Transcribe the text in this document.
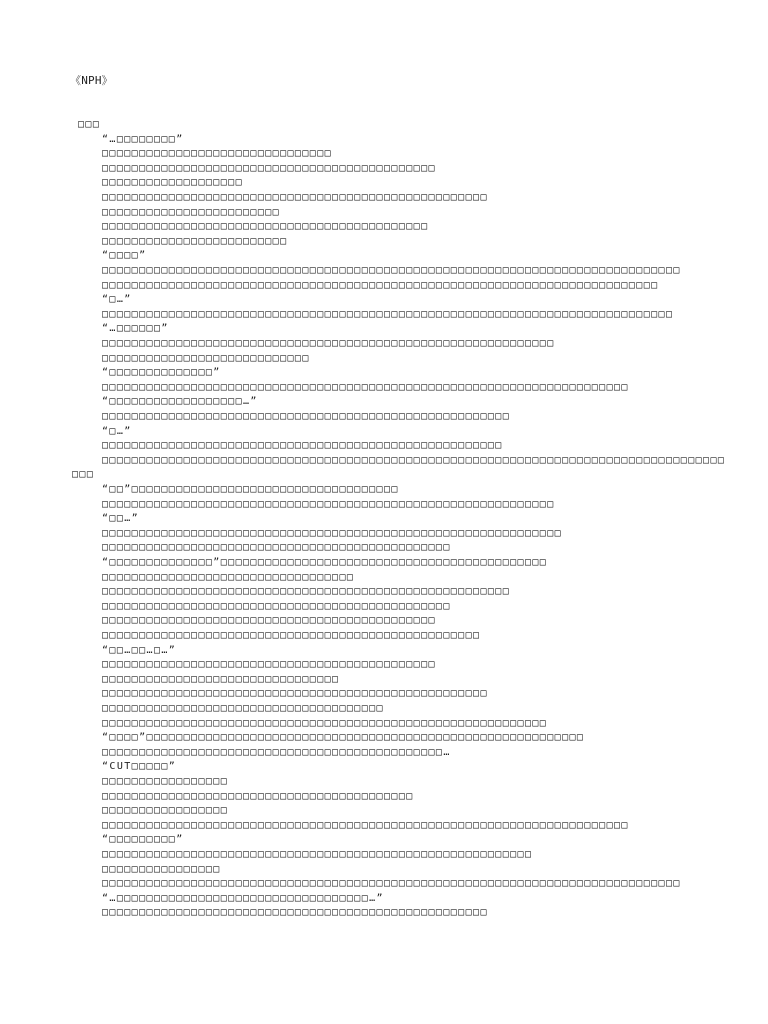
《NPH》
□□□
“…□□□□□□□□”
□□□□□□□□□□□□□□□□□□□□□□□□□□□□□□□
□□□□□□□□□□□□□□□□□□□□□□□□□□□□□□□□□□□□□□□□□□□□□
□□□□□□□□□□□□□□□□□□□
□□□□□□□□□□□□□□□□□□□□□□□□□□□□□□□□□□□□□□□□□□□□□□□□□□□□
□□□□□□□□□□□□□□□□□□□□□□□□
□□□□□□□□□□□□□□□□□□□□□□□□□□□□□□□□□□□□□□□□□□□□
□□□□□□□□□□□□□□□□□□□□□□□□□
“□□□□”
□□□□□□□□□□□□□□□□□□□□□□□□□□□□□□□□□□□□□□□□□□□□□□□□□□□□□□□□□□□□□□□□□□□□□□□□□□□□□□
□□□□□□□□□□□□□□□□□□□□□□□□□□□□□□□□□□□□□□□□□□□□□□□□□□□□□□□□□□□□□□□□□□□□□□□□□□□
“□…”
□□□□□□□□□□□□□□□□□□□□□□□□□□□□□□□□□□□□□□□□□□□□□□□□□□□□□□□□□□□□□□□□□□□□□□□□□□□□□
“…□□□□□□”
□□□□□□□□□□□□□□□□□□□□□□□□□□□□□□□□□□□□□□□□□□□□□□□□□□□□□□□□□□□□□
□□□□□□□□□□□□□□□□□□□□□□□□□□□□
“□□□□□□□□□□□□□□”
□□□□□□□□□□□□□□□□□□□□□□□□□□□□□□□□□□□□□□□□□□□□□□□□□□□□□□□□□□□□□□□□□□□□□□□
“□□□□□□□□□□□□□□□□□□…”
□□□□□□□□□□□□□□□□□□□□□□□□□□□□□□□□□□□□□□□□□□□□□□□□□□□□□□□
“□…”
□□□□□□□□□□□□□□□□□□□□□□□□□□□□□□□□□□□□□□□□□□□□□□□□□□□□□□
□□□□□□□□□□□□□□□□□□□□□□□□□□□□□□□□□□□□□□□□□□□□□□□□□□□□□□□□□□□□□□□□□□□□□□□□□□□□□□□□□□□□
□□□
“□□”□□□□□□□□□□□□□□□□□□□□□□□□□□□□□□□□□□□□
□□□□□□□□□□□□□□□□□□□□□□□□□□□□□□□□□□□□□□□□□□□□□□□□□□□□□□□□□□□□□
“□□…”
□□□□□□□□□□□□□□□□□□□□□□□□□□□□□□□□□□□□□□□□□□□□□□□□□□□□□□□□□□□□□□
□□□□□□□□□□□□□□□□□□□□□□□□□□□□□□□□□□□□□□□□□□□□□□□
“□□□□□□□□□□□□□□”□□□□□□□□□□□□□□□□□□□□□□□□□□□□□□□□□□□□□□□□□□□□
□□□□□□□□□□□□□□□□□□□□□□□□□□□□□□□□□□
□□□□□□□□□□□□□□□□□□□□□□□□□□□□□□□□□□□□□□□□□□□□□□□□□□□□□□□
□□□□□□□□□□□□□□□□□□□□□□□□□□□□□□□□□□□□□□□□□□□□□□□
□□□□□□□□□□□□□□□□□□□□□□□□□□□□□□□□□□□□□□□□□□□□□
□□□□□□□□□□□□□□□□□□□□□□□□□□□□□□□□□□□□□□□□□□□□□□□□□□□
“□□…□□…□…”
□□□□□□□□□□□□□□□□□□□□□□□□□□□□□□□□□□□□□□□□□□□□□
□□□□□□□□□□□□□□□□□□□□□□□□□□□□□□□□
□□□□□□□□□□□□□□□□□□□□□□□□□□□□□□□□□□□□□□□□□□□□□□□□□□□□
□□□□□□□□□□□□□□□□□□□□□□□□□□□□□□□□□□□□□□
□□□□□□□□□□□□□□□□□□□□□□□□□□□□□□□□□□□□□□□□□□□□□□□□□□□□□□□□□□□□
“□□□□”□□□□□□□□□□□□□□□□□□□□□□□□□□□□□□□□□□□□□□□□□□□□□□□□□□□□□□□□□□□
□□□□□□□□□□□□□□□□□□□□□□□□□□□□□□□□□□□□□□□□□□□□□□…
“CUT□□□□□”
□□□□□□□□□□□□□□□□□
□□□□□□□□□□□□□□□□□□□□□□□□□□□□□□□□□□□□□□□□□□
□□□□□□□□□□□□□□□□□
□□□□□□□□□□□□□□□□□□□□□□□□□□□□□□□□□□□□□□□□□□□□□□□□□□□□□□□□□□□□□□□□□□□□□□□
“□□□□□□□□□”
□□□□□□□□□□□□□□□□□□□□□□□□□□□□□□□□□□□□□□□□□□□□□□□□□□□□□□□□□□
□□□□□□□□□□□□□□□□
□□□□□□□□□□□□□□□□□□□□□□□□□□□□□□□□□□□□□□□□□□□□□□□□□□□□□□□□□□□□□□□□□□□□□□□□□□□□□□
“…□□□□□□□□□□□□□□□□□□□□□□□□□□□□□□□□□□…”
□□□□□□□□□□□□□□□□□□□□□□□□□□□□□□□□□□□□□□□□□□□□□□□□□□□□
